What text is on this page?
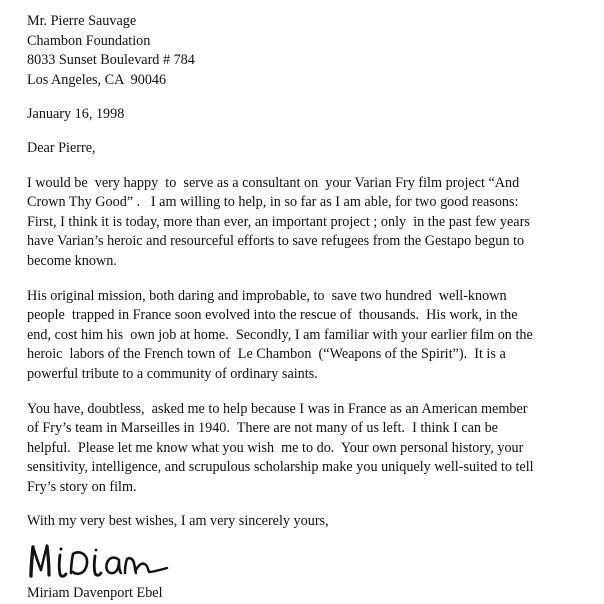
Mr. Pierre Sauvage
Chambon Foundation
8033 Sunset Boulevard # 784
Los Angeles, CA  90046
January 16, 1998
Dear Pierre,
I would be  very happy  to  serve as a consultant on  your Varian Fry film project “And
Crown Thy Good” .   I am willing to help, in so far as I am able, for two good reasons:
First, I think it is today, more than ever, an important project ; only  in the past few years
have Varian’s heroic and resourceful efforts to save refugees from the Gestapo begun to
become known.
His original mission, both daring and improbable, to  save two hundred  well-known
people  trapped in France soon evolved into the rescue of  thousands.  His work, in the
end, cost him his  own job at home.  Secondly, I am familiar with your earlier film on the
heroic  labors of the French town of  Le Chambon  (“Weapons of the Spirit”).  It is a
powerful tribute to a community of ordinary saints.
You have, doubtless,  asked me to help because I was in France as an American member
of Fry’s team in Marseilles in 1940.  There are not many of us left.  I think I can be
helpful.  Please let me know what you wish  me to do.  Your own personal history, your
sensitivity, intelligence, and scrupulous scholarship make you uniquely well-suited to tell
Fry’s story on film.
With my very best wishes, I am very sincerely yours,
Miriam Davenport Ebel
